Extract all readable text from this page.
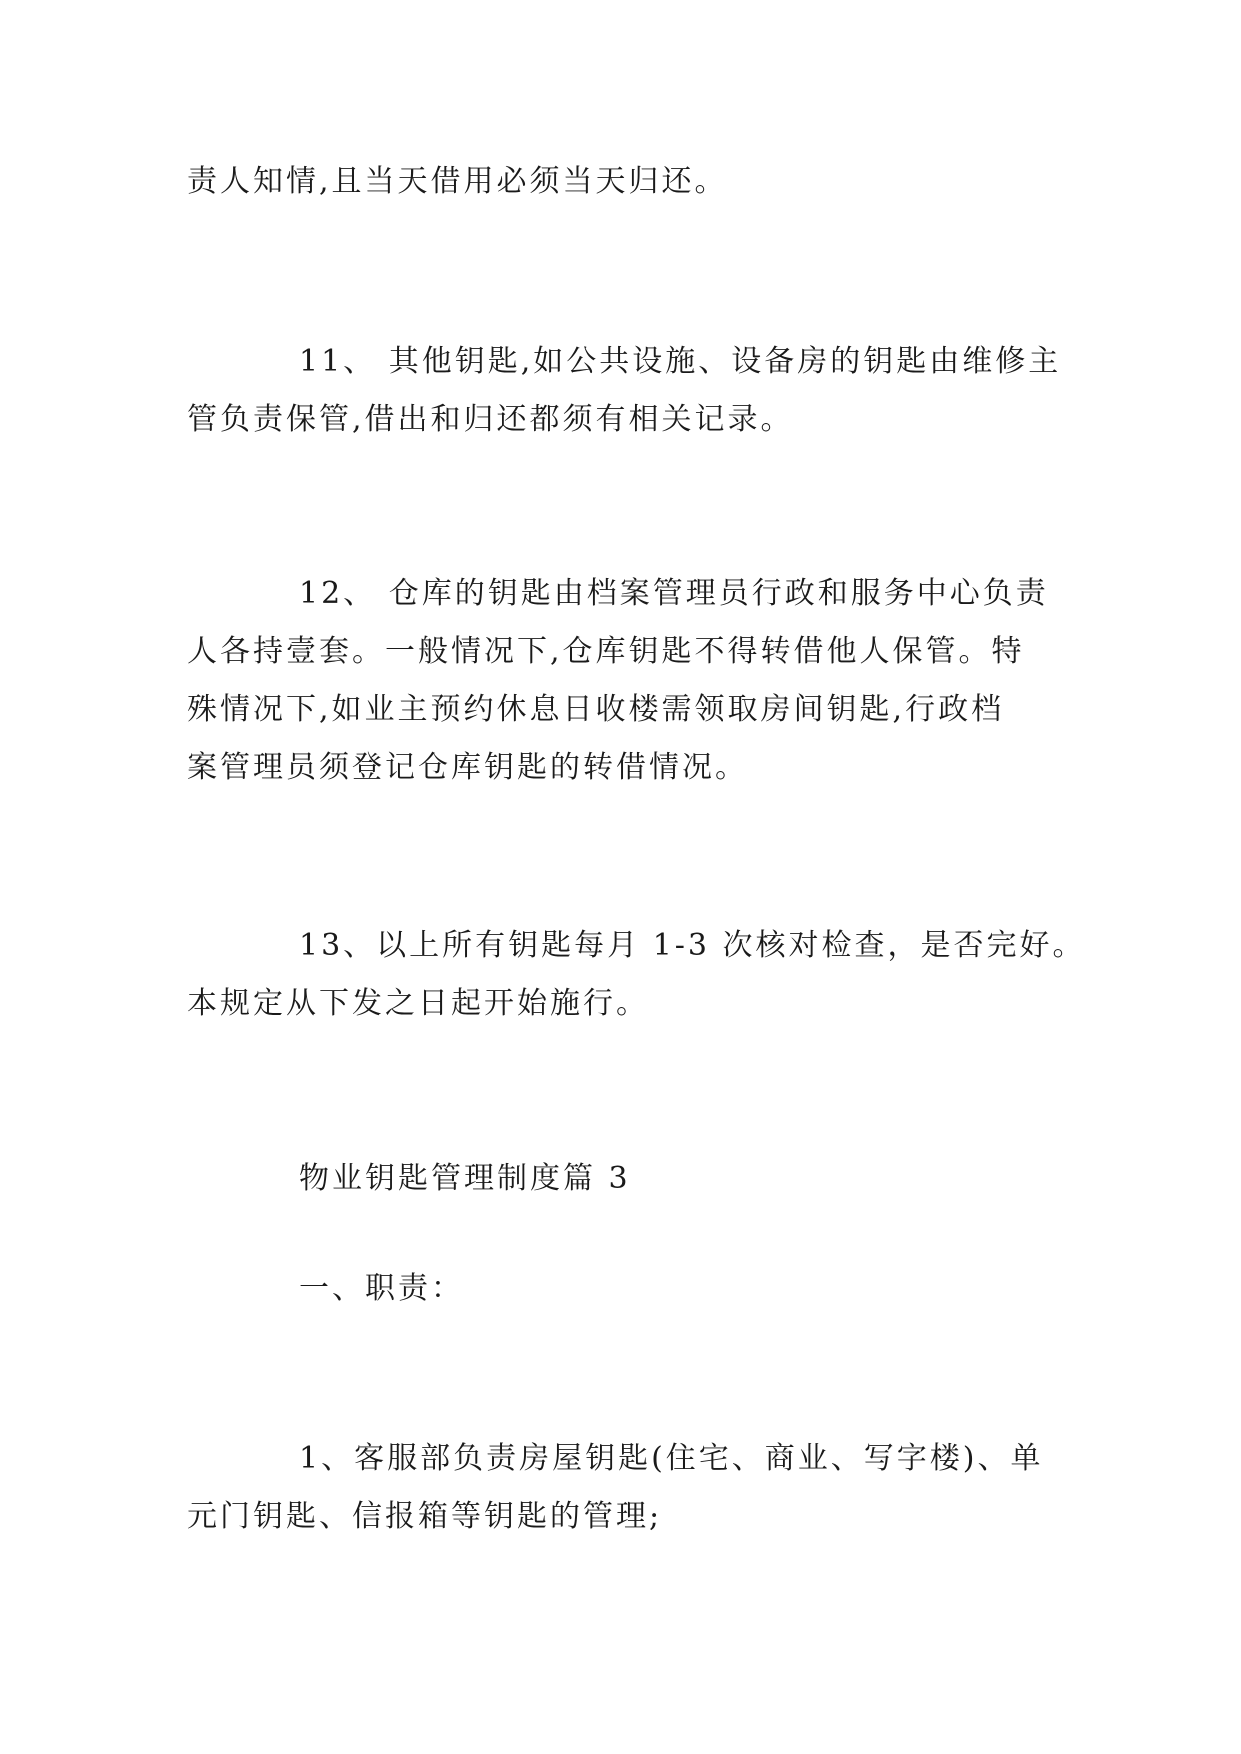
责人知情,且当天借用必须当天归还。

11、 其他钥匙,如公共设施、设备房的钥匙由维修主
管负责保管,借出和归还都须有相关记录。

12、 仓库的钥匙由档案管理员行政和服务中心负责
人各持壹套。一般情况下,仓库钥匙不得转借他人保管。特
殊情况下,如业主预约休息日收楼需领取房间钥匙,行政档
案管理员须登记仓库钥匙的转借情况。

13、以上所有钥匙每月 1-3 次核对检查，是否完好。
本规定从下发之日起开始施行。

物业钥匙管理制度篇 3

一、职责：

1、客服部负责房屋钥匙(住宅、商业、写字楼)、单
元门钥匙、信报箱等钥匙的管理;
